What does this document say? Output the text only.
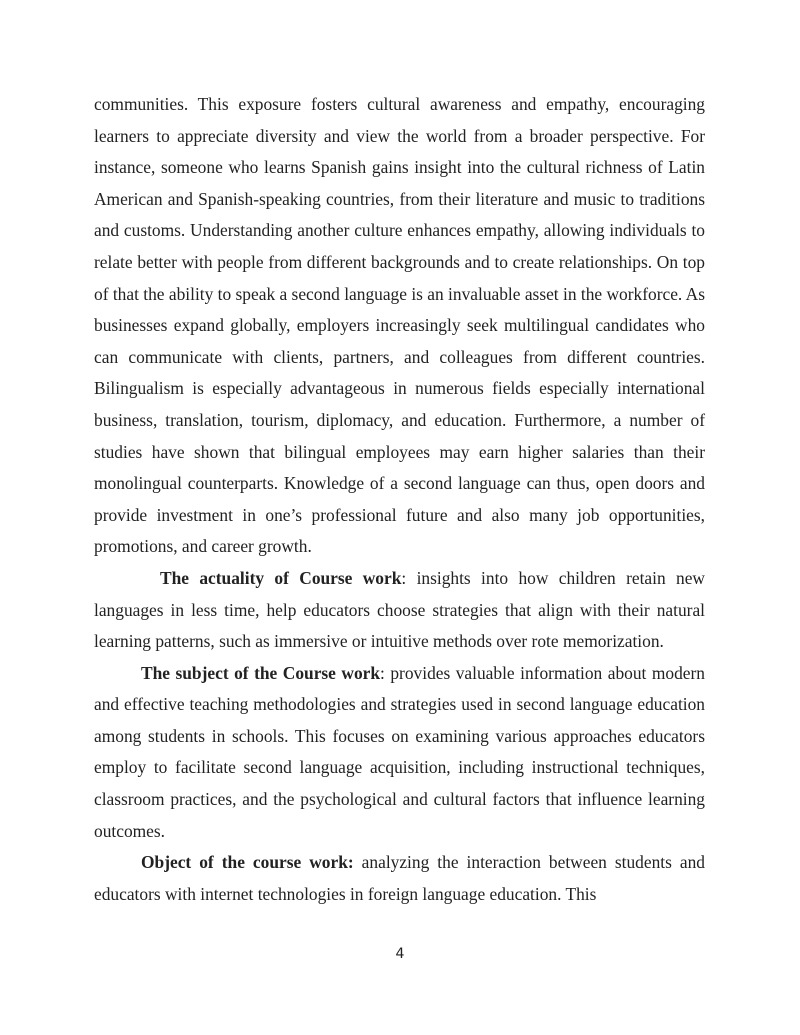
communities. This exposure fosters cultural awareness and empathy, encouraging learners to appreciate diversity and view the world from a broader perspective. For instance, someone who learns Spanish gains insight into the cultural richness of Latin American and Spanish-speaking countries, from their literature and music to traditions and customs. Understanding another culture enhances empathy, allowing individuals to relate better with people from different backgrounds and to create relationships. On top of that the ability to speak a second language is an invaluable asset in the workforce. As businesses expand globally, employers increasingly seek multilingual candidates who can communicate with clients, partners, and colleagues from different countries. Bilingualism is especially advantageous in numerous fields especially international business, translation, tourism, diplomacy, and education. Furthermore, a number of studies have shown that bilingual employees may earn higher salaries than their monolingual counterparts. Knowledge of a second language can thus, open doors and provide investment in one’s professional future and also many job opportunities, promotions, and career growth.

The actuality of Course work: insights into how children retain new languages in less time, help educators choose strategies that align with their natural learning patterns, such as immersive or intuitive methods over rote memorization.

The subject of the Course work: provides valuable information about modern and effective teaching methodologies and strategies used in second language education among students in schools. This focuses on examining various approaches educators employ to facilitate second language acquisition, including instructional techniques, classroom practices, and the psychological and cultural factors that influence learning outcomes.

Object of the course work: analyzing the interaction between students and educators with internet technologies in foreign language education. This

4
